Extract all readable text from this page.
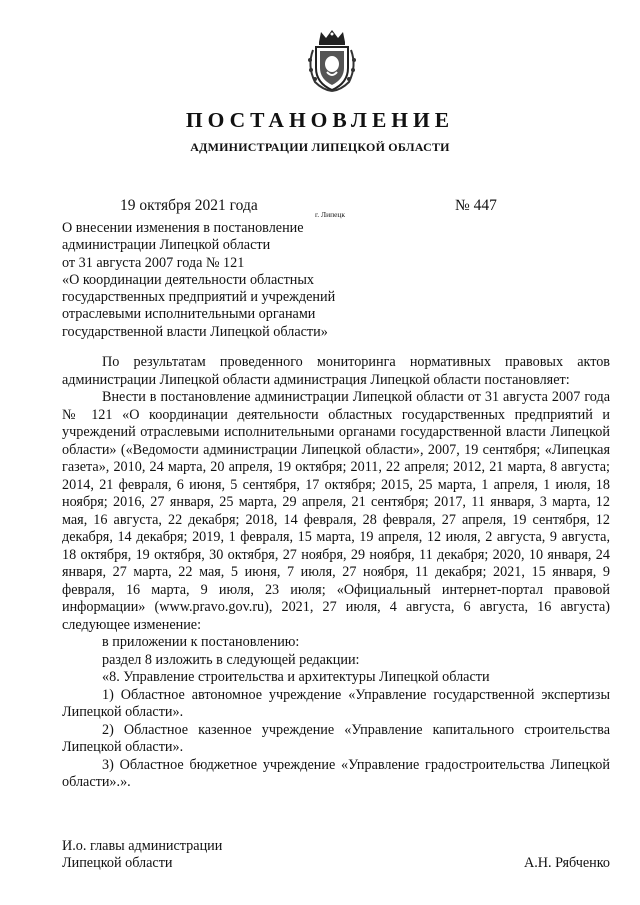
ПОСТАНОВЛЕНИЕ
АДМИНИСТРАЦИИ ЛИПЕЦКОЙ ОБЛАСТИ
19 октября 2021 года
г. Липецк
№ 447
О внесении изменения в постановление
администрации Липецкой области
от 31 августа 2007 года № 121
«О координации деятельности областных
государственных предприятий и учреждений
отраслевыми исполнительными органами
государственной власти Липецкой области»

По результатам проведенного мониторинга нормативных правовых актов администрации Липецкой области администрация Липецкой области постановляет:

Внести в постановление администрации Липецкой области от 31 августа 2007 года № 121 «О координации деятельности областных государственных предприятий и учреждений отраслевыми исполнительными органами государственной власти Липецкой области» («Ведомости администрации Липецкой области», 2007, 19 сентября; «Липецкая газета», 2010, 24 марта, 20 апреля, 19 октября; 2011, 22 апреля; 2012, 21 марта, 8 августа; 2014, 21 февраля, 6 июня, 5 сентября, 17 октября; 2015, 25 марта, 1 апреля, 1 июля, 18 ноября; 2016, 27 января, 25 марта, 29 апреля, 21 сентября; 2017, 11 января, 3 марта, 12 мая, 16 августа, 22 декабря; 2018, 14 февраля, 28 февраля, 27 апреля, 19 сентября, 12 декабря, 14 декабря; 2019, 1 февраля, 15 марта, 19 апреля, 12 июля, 2 августа, 9 августа, 18 октября, 19 октября, 30 октября, 27 ноября, 29 ноября, 11 декабря; 2020, 10 января, 24 января, 27 марта, 22 мая, 5 июня, 7 июля, 27 ноября, 11 декабря; 2021, 15 января, 9 февраля, 16 марта, 9 июля, 23 июля; «Официальный интернет-портал правовой информации» (www.pravo.gov.ru), 2021, 27 июля, 4 августа, 6 августа, 16 августа) следующее изменение:

в приложении к постановлению:

раздел 8 изложить в следующей редакции:

«8. Управление строительства и архитектуры Липецкой области

1) Областное автономное учреждение «Управление государственной экспертизы Липецкой области».

2) Областное казенное учреждение «Управление капитального строительства Липецкой области».

3) Областное бюджетное учреждение «Управление градостроительства Липецкой области».».

И.о. главы администрации
Липецкой области	А.Н. Рябченко
